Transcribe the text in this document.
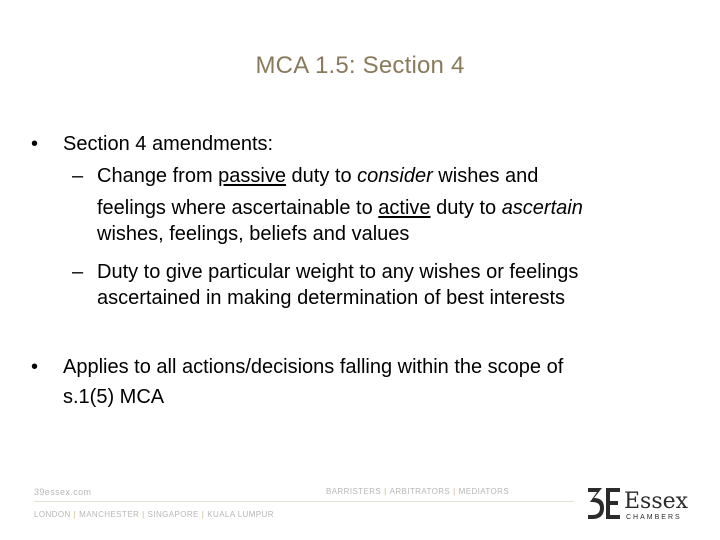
MCA 1.5: Section 4
• Section 4 amendments:
– Change from passive duty to consider wishes and
feelings where ascertainable to active duty to ascertain
wishes, feelings, beliefs and values
– Duty to give particular weight to any wishes or feelings
ascertained in making determination of best interests
• Applies to all actions/decisions falling within the scope of
s.1(5) MCA
39essex.com	BARRISTERS | ARBITRATORS | MEDIATORS
LONDON | MANCHESTER | SINGAPORE | KUALA LUMPUR
Essex
CHAMBERS
